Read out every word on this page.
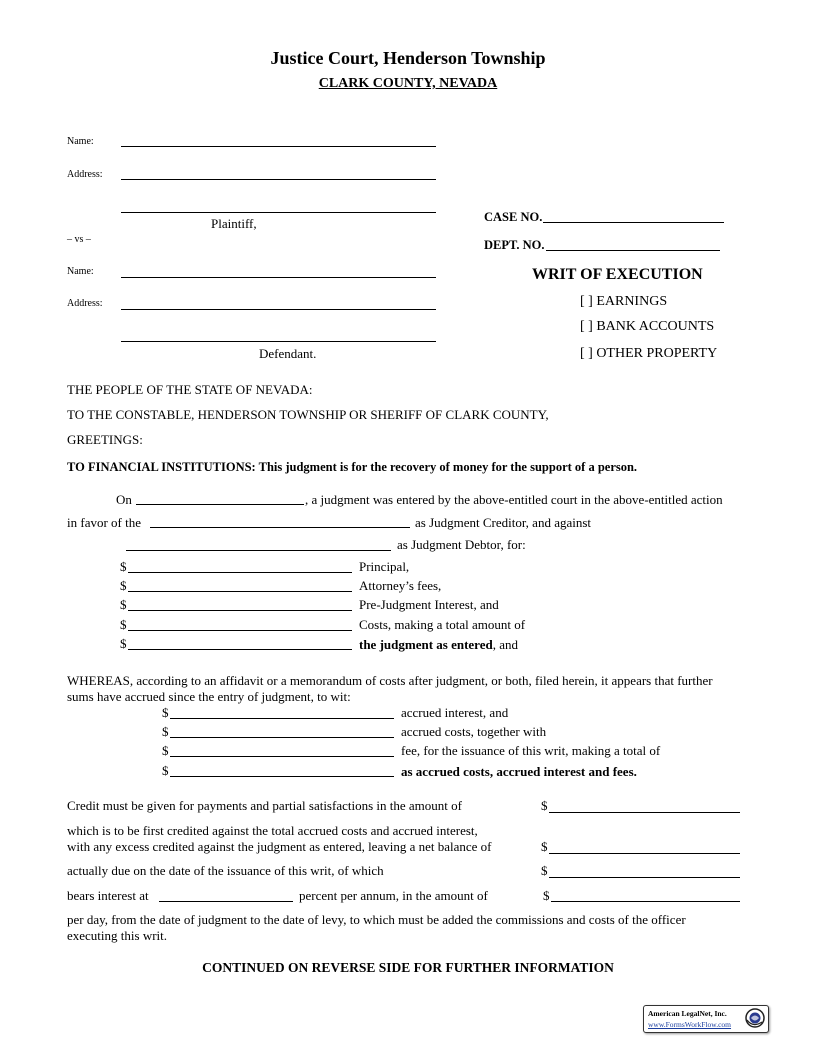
Justice Court, Henderson Township
CLARK COUNTY, NEVADA
Name:
Address:
Plaintiff,
– vs –
Name:
Address:
Defendant.
CASE NO.
DEPT. NO.
WRIT OF EXECUTION
[ ] EARNINGS
[ ] BANK ACCOUNTS
[ ] OTHER PROPERTY
THE PEOPLE OF THE STATE OF NEVADA:
TO THE CONSTABLE, HENDERSON TOWNSHIP OR SHERIFF OF CLARK COUNTY,
GREETINGS:
TO FINANCIAL INSTITUTIONS: This judgment is for the recovery of money for the support of a person.
On	, a judgment was entered by the above-entitled court in the above-entitled action
in favor of the	as Judgment Creditor, and against
as Judgment Debtor, for:
$	Principal,
$	Attorney’s fees,
$	Pre-Judgment Interest, and
$	Costs, making a total amount of
$	the judgment as entered, and
WHEREAS, according to an affidavit or a memorandum of costs after judgment, or both, filed herein, it appears that further
sums have accrued since the entry of judgment, to wit:
$	accrued interest, and
$	accrued costs, together with
$	fee, for the issuance of this writ, making a total of
$	as accrued costs, accrued interest and fees.
Credit must be given for payments and partial satisfactions in the amount of	$
which is to be first credited against the total accrued costs and accrued interest,
with any excess credited against the judgment as entered, leaving a net balance of	$
actually due on the date of the issuance of this writ, of which	$
bears interest at	percent per annum, in the amount of	$
per day, from the date of judgment to the date of levy, to which must be added the commissions and costs of the officer
executing this writ.
CONTINUED ON REVERSE SIDE FOR FURTHER INFORMATION
American LegalNet, Inc.
www.FormsWorkFlow.com
